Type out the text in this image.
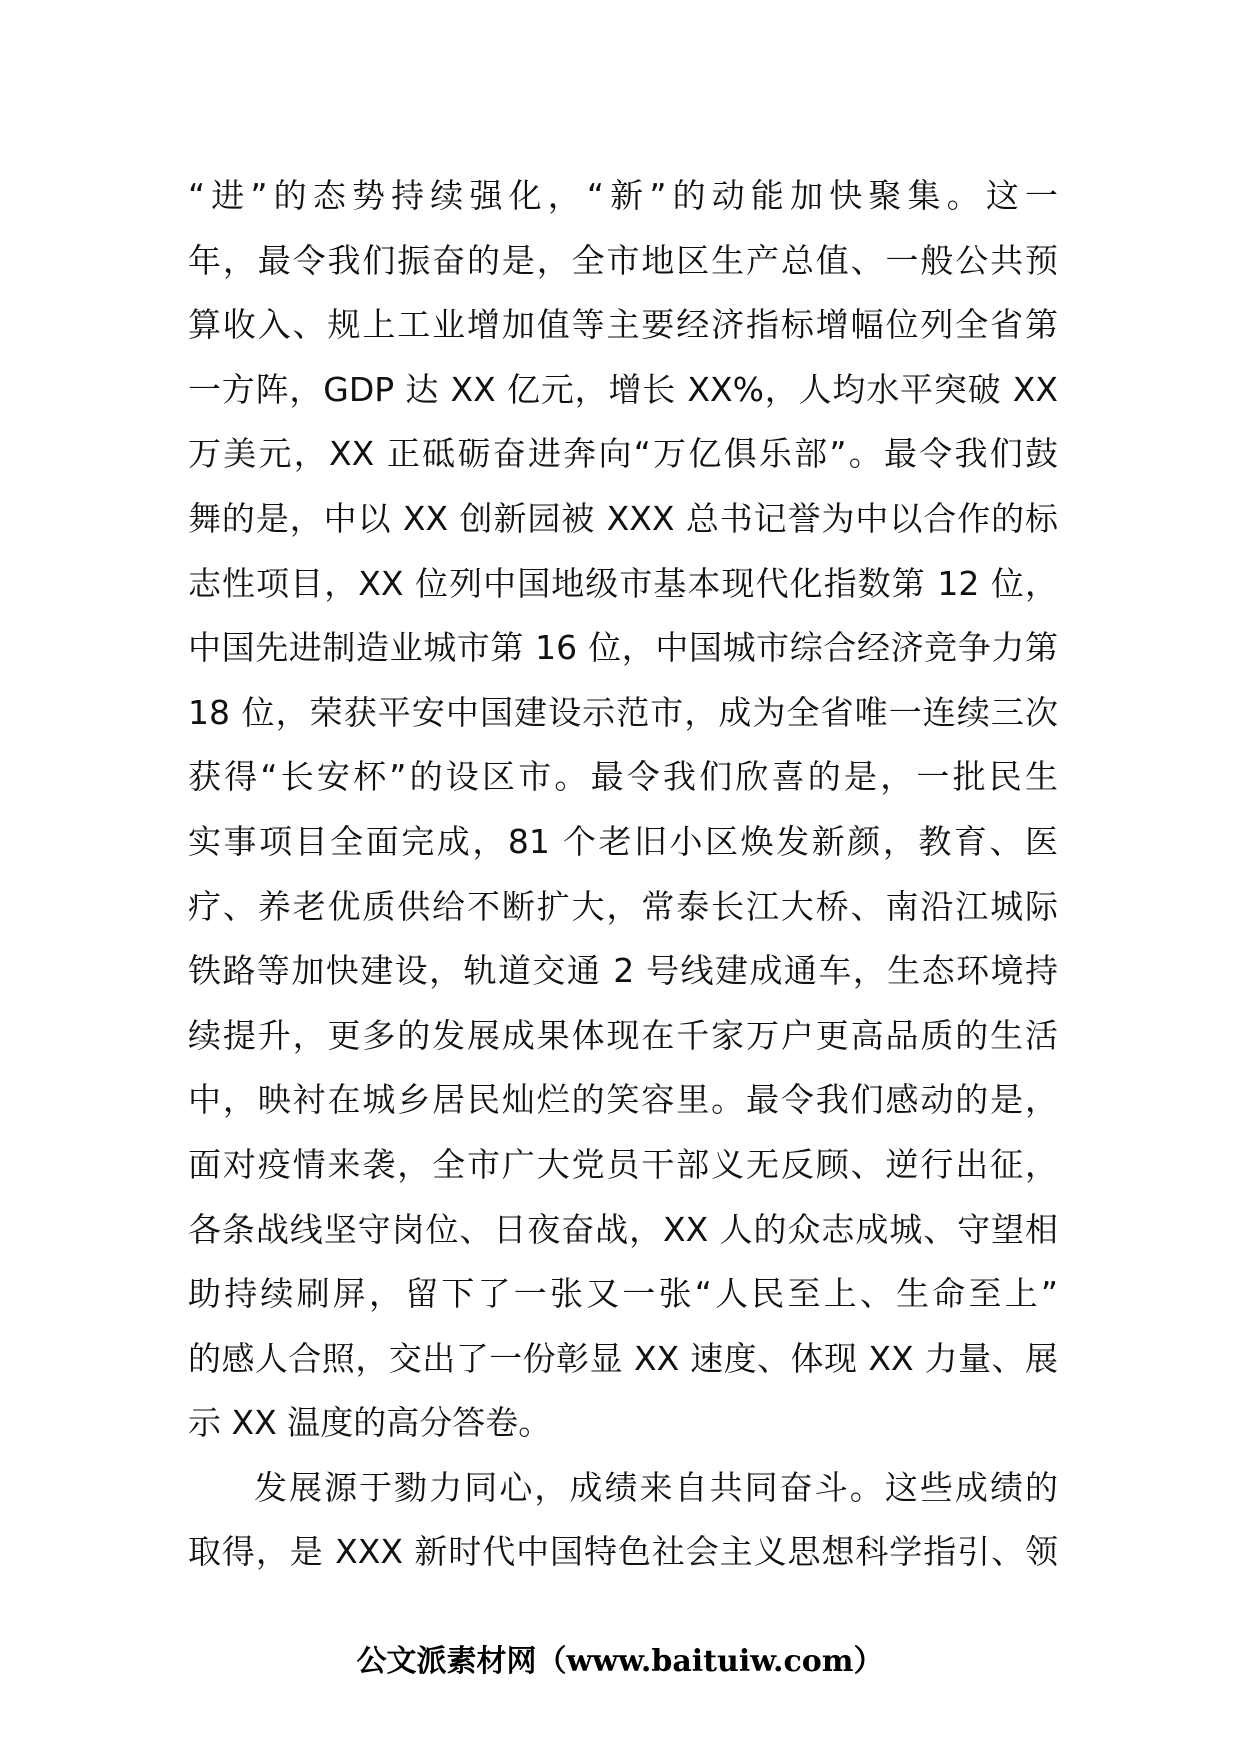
“进”的态势持续强化，“新”的动能加快聚集。这一
年，最令我们振奋的是，全市地区生产总值、一般公共预
算收入、规上工业增加值等主要经济指标增幅位列全省第
一方阵，GDP 达 XX 亿元，增长 XX%，人均水平突破 XX
万美元，XX 正砥砺奋进奔向“万亿俱乐部”。最令我们鼓
舞的是，中以 XX 创新园被 XXX 总书记誉为中以合作的标
志性项目，XX 位列中国地级市基本现代化指数第 12 位，
中国先进制造业城市第 16 位，中国城市综合经济竞争力第
18 位，荣获平安中国建设示范市，成为全省唯一连续三次
获得“长安杯”的设区市。最令我们欣喜的是，一批民生
实事项目全面完成，81 个老旧小区焕发新颜，教育、医
疗、养老优质供给不断扩大，常泰长江大桥、南沿江城际
铁路等加快建设，轨道交通 2 号线建成通车，生态环境持
续提升，更多的发展成果体现在千家万户更高品质的生活
中，映衬在城乡居民灿烂的笑容里。最令我们感动的是，
面对疫情来袭，全市广大党员干部义无反顾、逆行出征，
各条战线坚守岗位、日夜奋战，XX 人的众志成城、守望相
助持续刷屏，留下了一张又一张“人民至上、生命至上”
的感人合照，交出了一份彰显 XX 速度、体现 XX 力量、展
示 XX 温度的高分答卷。
发展源于勠力同心，成绩来自共同奋斗。这些成绩的
取得，是 XXX 新时代中国特色社会主义思想科学指引、领
公文派素材网（www.baituiw.com）
